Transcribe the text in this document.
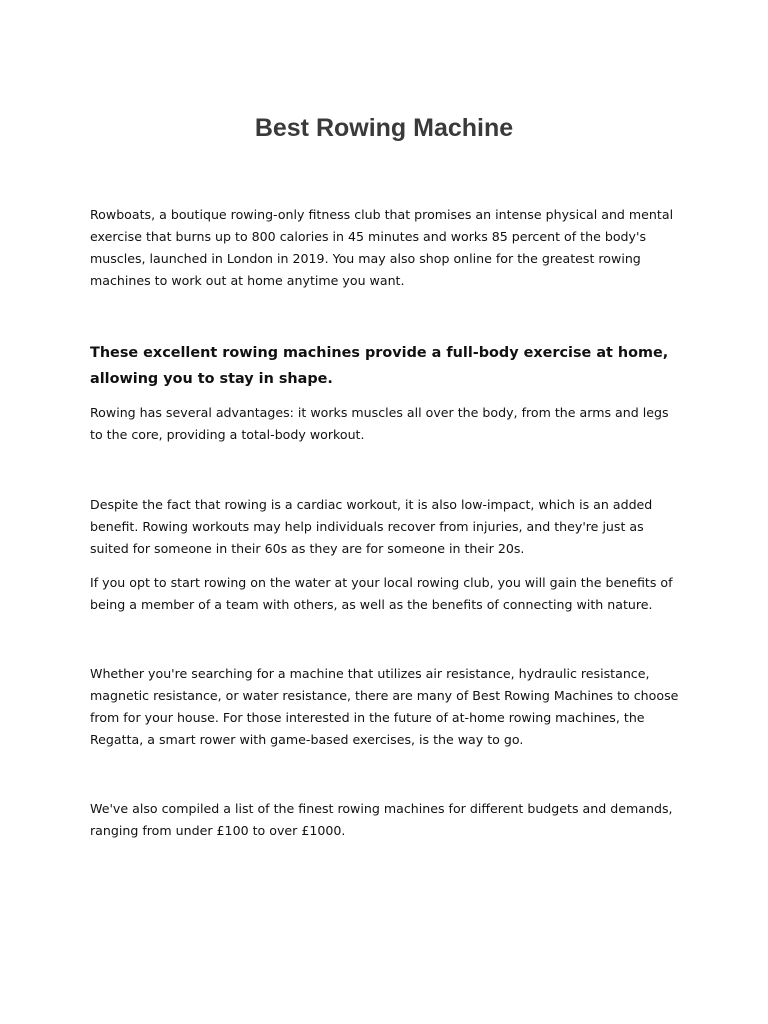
Best Rowing Machine

Rowboats, a boutique rowing-only fitness club that promises an intense physical and mental exercise that burns up to 800 calories in 45 minutes and works 85 percent of the body's muscles, launched in London in 2019. You may also shop online for the greatest rowing machines to work out at home anytime you want.

These excellent rowing machines provide a full-body exercise at home, allowing you to stay in shape.

Rowing has several advantages: it works muscles all over the body, from the arms and legs to the core, providing a total-body workout.

Despite the fact that rowing is a cardiac workout, it is also low-impact, which is an added benefit. Rowing workouts may help individuals recover from injuries, and they're just as suited for someone in their 60s as they are for someone in their 20s.

If you opt to start rowing on the water at your local rowing club, you will gain the benefits of being a member of a team with others, as well as the benefits of connecting with nature.

Whether you're searching for a machine that utilizes air resistance, hydraulic resistance, magnetic resistance, or water resistance, there are many of Best Rowing Machines to choose from for your house. For those interested in the future of at-home rowing machines, the Regatta, a smart rower with game-based exercises, is the way to go.

We've also compiled a list of the finest rowing machines for different budgets and demands, ranging from under £100 to over £1000.
